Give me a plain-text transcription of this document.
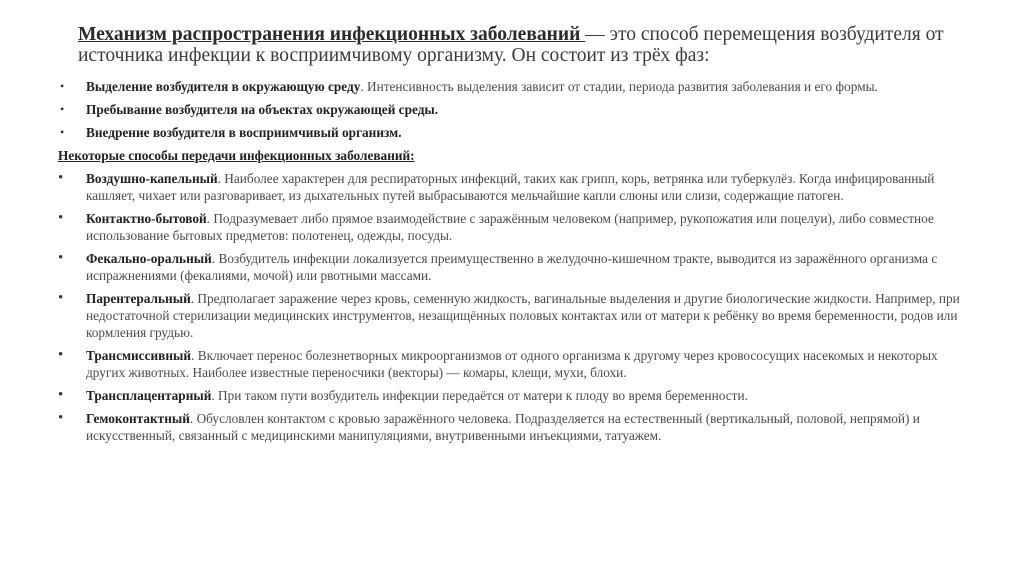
Механизм распространения инфекционных заболеваний — это способ перемещения возбудителя от источника инфекции к восприимчивому организму. Он состоит из трёх фаз:
• Выделение возбудителя в окружающую среду. Интенсивность выделения зависит от стадии, периода развития заболевания и его формы.
• Пребывание возбудителя на объектах окружающей среды.
• Внедрение возбудителя в восприимчивый организм.
Некоторые способы передачи инфекционных заболеваний:
• Воздушно-капельный. Наиболее характерен для респираторных инфекций, таких как грипп, корь, ветрянка или туберкулёз. Когда инфицированный кашляет, чихает или разговаривает, из дыхательных путей выбрасываются мельчайшие капли слюны или слизи, содержащие патоген.
• Контактно-бытовой. Подразумевает либо прямое взаимодействие с заражённым человеком (например, рукопожатия или поцелуи), либо совместное использование бытовых предметов: полотенец, одежды, посуды.
• Фекально-оральный. Возбудитель инфекции локализуется преимущественно в желудочно-кишечном тракте, выводится из заражённого организма с испражнениями (фекалиями, мочой) или рвотными массами.
• Парентеральный. Предполагает заражение через кровь, семенную жидкость, вагинальные выделения и другие биологические жидкости. Например, при недостаточной стерилизации медицинских инструментов, незащищённых половых контактах или от матери к ребёнку во время беременности, родов или кормления грудью.
• Трансмиссивный. Включает перенос болезнетворных микроорганизмов от одного организма к другому через кровососущих насекомых и некоторых других животных. Наиболее известные переносчики (векторы) — комары, клещи, мухи, блохи.
• Трансплацентарный. При таком пути возбудитель инфекции передаётся от матери к плоду во время беременности.
• Гемоконтактный. Обусловлен контактом с кровью заражённого человека. Подразделяется на естественный (вертикальный, половой, непрямой) и искусственный, связанный с медицинскими манипуляциями, внутривенными инъекциями, татуажем.
